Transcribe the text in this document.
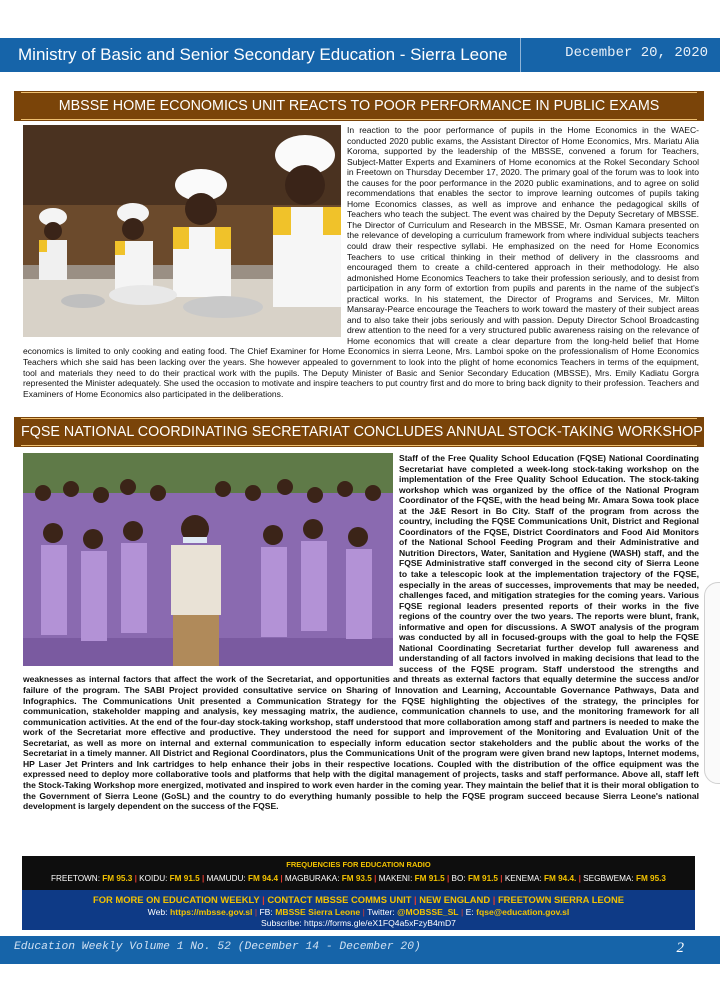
Ministry of Basic and Senior Secondary Education - Sierra Leone	December 20, 2020
MBSSE HOME ECONOMICS UNIT REACTS TO POOR PERFORMANCE IN PUBLIC EXAMS
In reaction to the poor performance of pupils in the Home Economics in the WAEC-conducted 2020 public exams, the Assistant Director of Home Economics, Mrs. Mariatu Alia Koroma, supported by the leadership of the MBSSE, convened a forum for Teachers, Subject-Matter Experts and Examiners of Home economics at the Rokel Secondary School in Freetown on Thursday December 17, 2020. The primary goal of the forum was to look into the causes for the poor performance in the 2020 public examinations, and to agree on solid recommendations that enables the sector to improve learning outcomes of pupils taking Home Economics classes, as well as improve and enhance the pedagogical skills of Teachers who teach the subject. The event was chaired by the Deputy Secretary of MBSSE. The Director of Curriculum and Research in the MBSSE, Mr. Osman Kamara presented on the relevance of developing a curriculum framework from where individual subjects teachers could draw their respective syllabi. He emphasized on the need for Home Economics Teachers to use critical thinking in their method of delivery in the classrooms and encouraged them to create a child-centered approach in their methodology. He also admonished Home Economics Teachers to take their profession seriously, and to desist from participation in any form of extortion from pupils and parents in the name of the subject's practical works. In his statement, the Director of Programs and Services, Mr. Milton Mansaray-Pearce encourage the Teachers to work toward the mastery of their subject areas and to also take their jobs seriously and with passion. Deputy Director School Broadcasting drew attention to the need for a very structured public awareness raising on the relevance of Home economics that will create a clear departure from the long-held belief that Home economics is limited to only cooking and eating food. The Chief Examiner for Home Economics in sierra Leone, Mrs. Lamboi spoke on the professionalism of Home Economics Teachers which she said has been lacking over the years. She however appealed to government to look into the plight of home economics Teachers in terms of the equipment, tool and materials they need to do their practical work with the pupils. The Deputy Minister of Basic and Senior Secondary Education (MBSSE), Mrs. Emily Kadiatu Gorgra represented the Minister adequately. She used the occasion to motivate and inspire teachers to put country first and do more to bring back dignity to their profession. Teachers and Examiners of Home Economics also participated in the deliberations.
FQSE NATIONAL COORDINATING SECRETARIAT CONCLUDES ANNUAL STOCK-TAKING WORKSHOP
Staff of the Free Quality School Education (FQSE) National Coordinating Secretariat have completed a week-long stock-taking workshop on the implementation of the Free Quality School Education. The stock-taking workshop which was organized by the office of the National Program Coordinator of the FQSE, with the head being Mr. Amara Sowa took place at the J&E Resort in Bo City. Staff of the program from across the country, including the FQSE Communications Unit, District and Regional Coordinators of the FQSE, District Coordinators and Food Aid Monitors of the National School Feeding Program and their Administrative and Nutrition Directors, Water, Sanitation and Hygiene (WASH) staff, and the FQSE Administrative staff converged in the second city of Sierra Leone to take a telescopic look at the implementation trajectory of the FQSE, especially in the areas of successes, improvements that may be needed, challenges faced, and mitigation strategies for the coming years. Various FQSE regional leaders presented reports of their works in the five regions of the country over the two years. The reports were blunt, frank, informative and open for discussions. A SWOT analysis of the program was conducted by all in focused-groups with the goal to help the FQSE National Coordinating Secretariat further develop full awareness and understanding of all factors involved in making decisions that lead to the success of the FQSE program. Staff understood the strengths and weaknesses as internal factors that affect the work of the Secretariat, and opportunities and threats as external factors that equally determine the success and/or failure of the program. The SABI Project provided consultative service on Sharing of Innovation and Learning, Accountable Governance Pathways, Data and Infographics. The Communications Unit presented a Communication Strategy for the FQSE highlighting the objectives of the strategy, the principles for communication, stakeholder mapping and analysis, key messaging matrix, the audience, communication channels to use, and the monitoring framework for all communication activities. At the end of the four-day stock-taking workshop, staff understood that more collaboration among staff and partners is needed to make the work of the Secretariat more effective and productive. They understood the need for support and improvement of the Monitoring and Evaluation Unit of the Secretariat, as well as more on internal and external communication to especially inform education sector stakeholders and the public about the works of the Secretariat in a timely manner. All District and Regional Coordinators, plus the Communications Unit of the program were given brand new laptops, Internet modems, HP Laser Jet Printers and Ink cartridges to help enhance their jobs in their respective locations. Coupled with the distribution of the office equipment was the expressed need to deploy more collaborative tools and platforms that help with the digital management of projects, tasks and staff performance. Above all, staff left the Stock-Taking Workshop more energized, motivated and inspired to work even harder in the coming year. They maintain the belief that it is their moral obligation to the Government of Sierra Leone (GoSL) and the country to do everything humanly possible to help the FQSE program succeed because Sierra Leone's national development is largely dependent on the success of the FQSE.
FREQUENCIES FOR EDUCATION RADIO
FREETOWN: FM 95.3 | KOIDU: FM 91.5 | MAMUDU: FM 94.4 | MAGBURAKA: FM 93.5 | MAKENI: FM 91.5 | BO: FM 91.5 | KENEMA: FM 94.4. | SEGBWEMA: FM 95.3
FOR MORE ON EDUCATION WEEKLY | CONTACT MBSSE COMMS UNIT | NEW ENGLAND | FREETOWN SIERRA LEONE
Web: https://mbsse.gov.sl | FB: MBSSE Sierra Leone | Twitter: @MOBSSE_SL | E: fqse@education.gov.sl
Subscribe: https://forms.gle/eX1FQ4a5xFzyB4mD7
Education Weekly Volume 1 No. 52 (December 14 - December 20)	2
